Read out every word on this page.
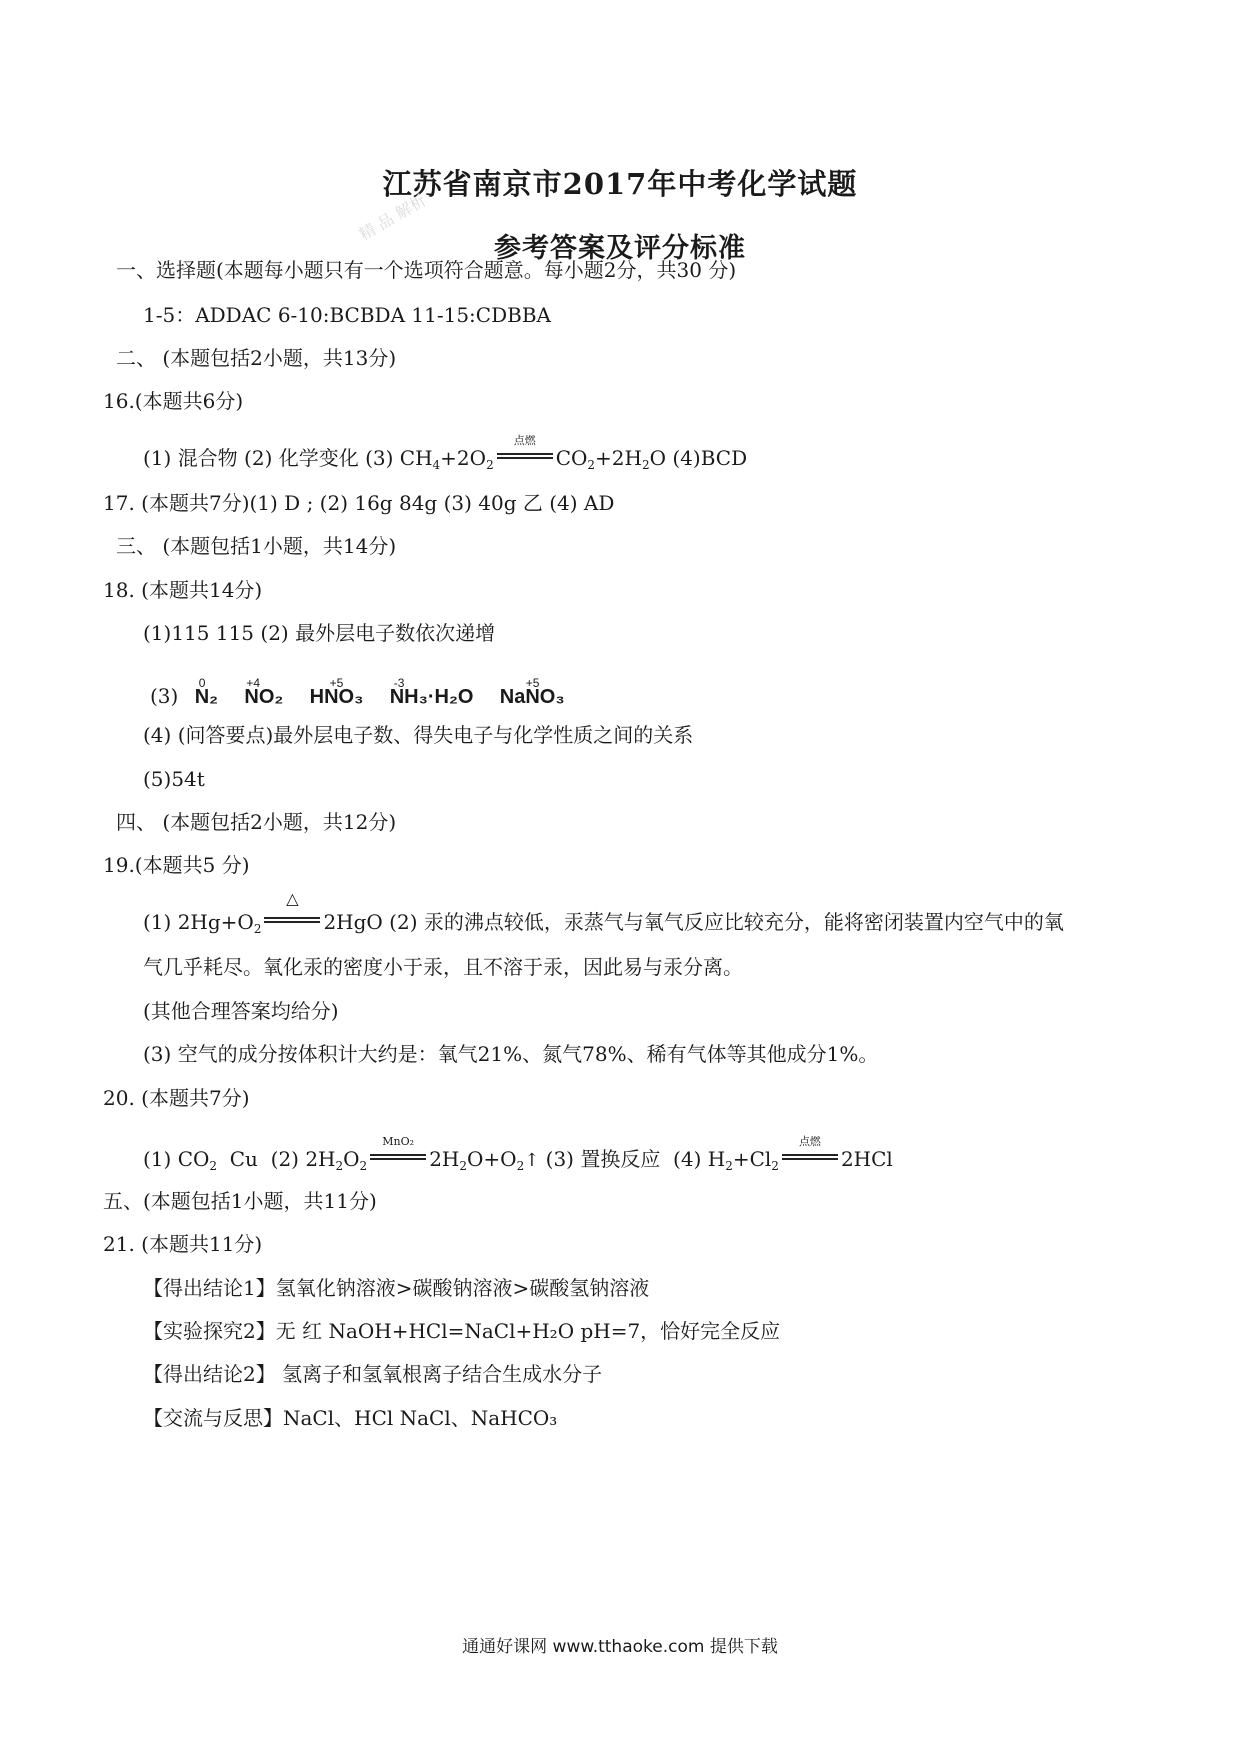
江苏省南京市2017年中考化学试题
参考答案及评分标准
精 品 解析
一、选择题(本题每小题只有一个选项符合题意。每小题2分，共30 分)
1-5：ADDAC 6-10:BCBDA 11-15:CDBBA
二、 (本题包括2小题，共13分)
16.(本题共6分)
(1) 混合物 (2) 化学变化 (3) $CH_4+2O_2$
点燃
$CO_2+2H_2O$ (4)BCD
17. (本题共7分)(1) D ; (2) 16g 84g (3) 40g 乙 (4) AD
三、 (本题包括1小题，共14分)
18. (本题共14分)
(1)115 115 (2) 最外层电子数依次递增
(3)
0
N₂
+4
NO₂
+5
HNO₃
-3
NH₃·H₂O
+5
NaNO₃
(4) (问答要点)最外层电子数、得失电子与化学性质之间的关系
(5)54t
四、 (本题包括2小题，共12分)
19.(本题共5 分)
(1) $2Hg+O_2$
△
2HgO (2) 汞的沸点较低，汞蒸气与氧气反应比较充分，能将密闭装置内空气中的氧
气几乎耗尽。氧化汞的密度小于汞，且不溶于汞，因此易与汞分离。
(其他合理答案均给分)
(3) 空气的成分按体积计大约是：氧气21%、氮气78%、稀有气体等其他成分1%。
20. (本题共7分)
(1) $CO_2$  Cu  (2) $2H_2O_2$
MnO₂
$2H_2O+O_2↑$ (3) 置换反应  (4) $H_2+Cl_2$
点燃
2HCl
五、(本题包括1小题，共11分)
21. (本题共11分)
【得出结论1】氢氧化钠溶液>碳酸钠溶液>碳酸氢钠溶液
【实验探究2】无 红 NaOH+HCl=NaCl+H₂O pH=7，恰好完全反应
【得出结论2】 氢离子和氢氧根离子结合生成水分子
【交流与反思】NaCl、HCl NaCl、NaHCO₃
通通好课网 www.tthaoke.com 提供下载
